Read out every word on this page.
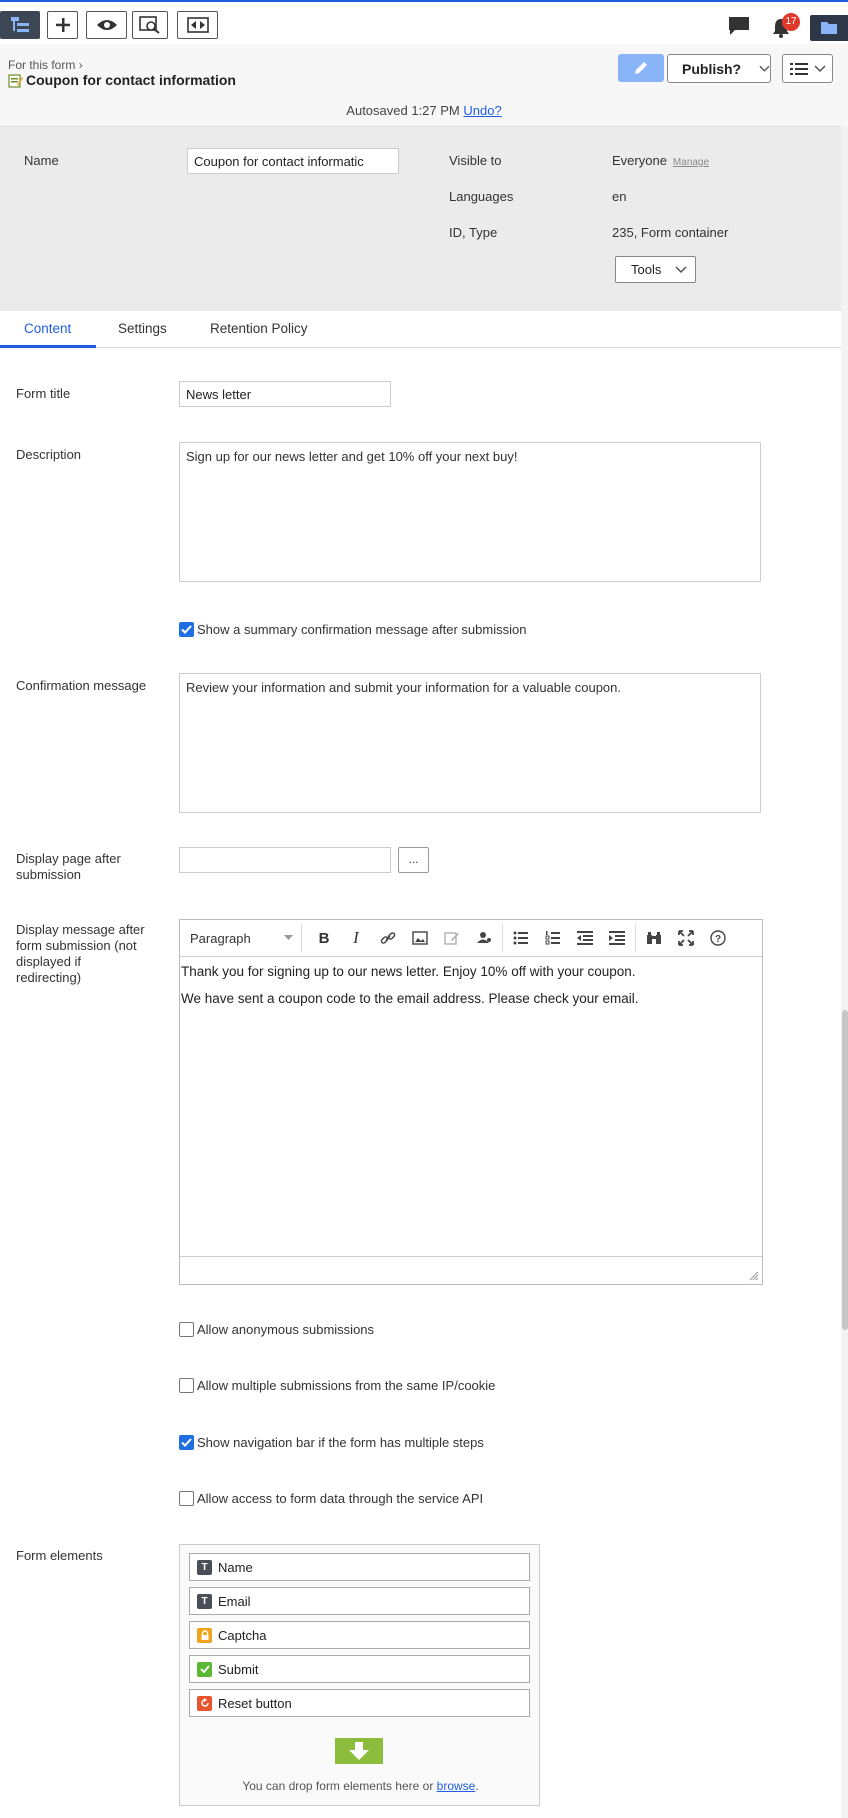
17
For this form ›
Coupon for contact information
Publish?
Autosaved 1:27 PM Undo?
Name	Coupon for contact informatic	Visible to	Everyone Manage
Languages	en
ID, Type	235, Form container
Tools
Content	Settings	Retention Policy
Form title	News letter
Description	Sign up for our news letter and get 10% off your next buy!
Show a summary confirmation message after submission
Confirmation message	Review your information and submit your information for a valuable coupon.
Display page after
submission
...
Display message after
form submission (not
displayed if
redirecting)
Paragraph	B I	?
Thank you for signing up to our news letter. Enjoy 10% off with your coupon.
We have sent a coupon code to the email address. Please check your email.
Allow anonymous submissions
Allow multiple submissions from the same IP/cookie
Show navigation bar if the form has multiple steps
Allow access to form data through the service API
Form elements
T Name
T Email
Captcha
Submit
Reset button
You can drop form elements here or browse.
